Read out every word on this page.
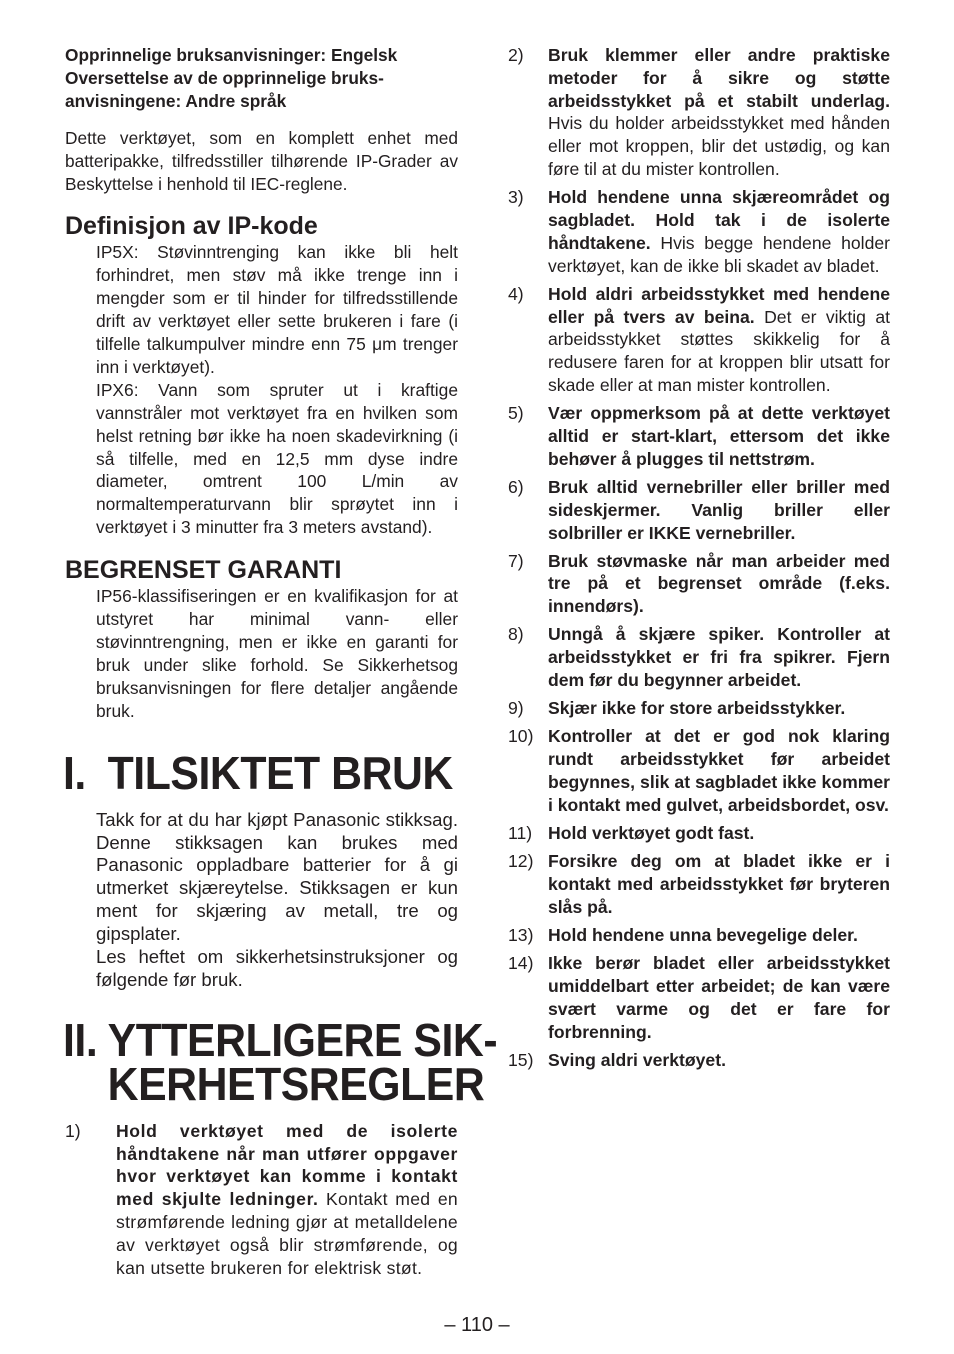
Opprinnelige bruksanvisninger: Engelsk
Oversettelse av de opprinnelige bruks-
anvisningene: Andre språk
Dette verktøyet, som en komplett enhet med batteripakke, tilfredsstiller tilhørende IP-Grader av Beskyttelse i henhold til IEC-reglene.
Definisjon av IP-kode
IP5X: Støvinntrenging kan ikke bli helt forhindret, men støv må ikke trenge inn i mengder som er til hinder for tilfredsstillende drift av verktøyet eller sette brukeren i fare (i tilfelle talkumpulver mindre enn 75 μm trenger inn i verktøyet).
IPX6: Vann som spruter ut i kraftige vannstråler mot verktøyet fra en hvilken som helst retning bør ikke ha noen skadevirkning (i så tilfelle, med en 12,5 mm dyse indre diameter, omtrent 100 L/min av normaltemperaturvann blir sprøytet inn i verktøyet i 3 minutter fra 3 meters avstand).
BEGRENSET GARANTI
IP56-klassifiseringen er en kvalifikasjon for at utstyret har minimal vann- eller støvinntrengning, men er ikke en garanti for bruk under slike forhold. Se Sikkerhetsog bruksanvisningen for flere detaljer angående bruk.
I. TILSIKTET BRUK
Takk for at du har kjøpt Panasonic stikksag. Denne stikksagen kan brukes med Panasonic oppladbare batterier for å gi utmerket skjæreytelse. Stikksagen er kun ment for skjæring av metall, tre og gipsplater.
Les heftet om sikkerhetsinstruksjoner og følgende før bruk.
II. YTTERLIGERE SIK-
KERHETSREGLER
1)	Hold verktøyet med de isolerte håndtakene når man utfører oppgaver hvor verktøyet kan komme i kontakt med skjulte ledninger. Kontakt med en strømførende ledning gjør at metalldelene av verktøyet også blir strømførende, og kan utsette brukeren for elektrisk støt.
2)	Bruk klemmer eller andre praktiske metoder for å sikre og støtte arbeidsstykket på et stabilt underlag. Hvis du holder arbeidsstykket med hånden eller mot kroppen, blir det ustødig, og kan føre til at du mister kontrollen.
3)	Hold hendene unna skjæreområdet og sagbladet. Hold tak i de isolerte håndtakene. Hvis begge hendene holder verktøyet, kan de ikke bli skadet av bladet.
4)	Hold aldri arbeidsstykket med hendene eller på tvers av beina. Det er viktig at arbeidsstykket støttes skikkelig for å redusere faren for at kroppen blir utsatt for skade eller at man mister kontrollen.
5)	Vær oppmerksom på at dette verktøyet alltid er start-klart, ettersom det ikke behøver å plugges til nettstrøm.
6)	Bruk alltid vernebriller eller briller med sideskjermer. Vanlig briller eller solbriller er IKKE vernebriller.
7)	Bruk støvmaske når man arbeider med tre på et begrenset område (f.eks. innendørs).
8)	Unngå å skjære spiker. Kontroller at arbeidsstykket er fri fra spikrer. Fjern dem før du begynner arbeidet.
9)	Skjær ikke for store arbeidsstykker.
10) Kontroller at det er god nok klaring rundt arbeidsstykket før arbeidet begynnes, slik at sagbladet ikke kommer i kontakt med gulvet, arbeidsbordet, osv.
11) Hold verktøyet godt fast.
12) Forsikre deg om at bladet ikke er i kontakt med arbeidsstykket før bryteren slås på.
13) Hold hendene unna bevegelige deler.
14) Ikke berør bladet eller arbeidsstykket umiddelbart etter arbeidet; de kan være svært varme og det er fare for forbrenning.
15) Sving aldri verktøyet.
– 110 –
